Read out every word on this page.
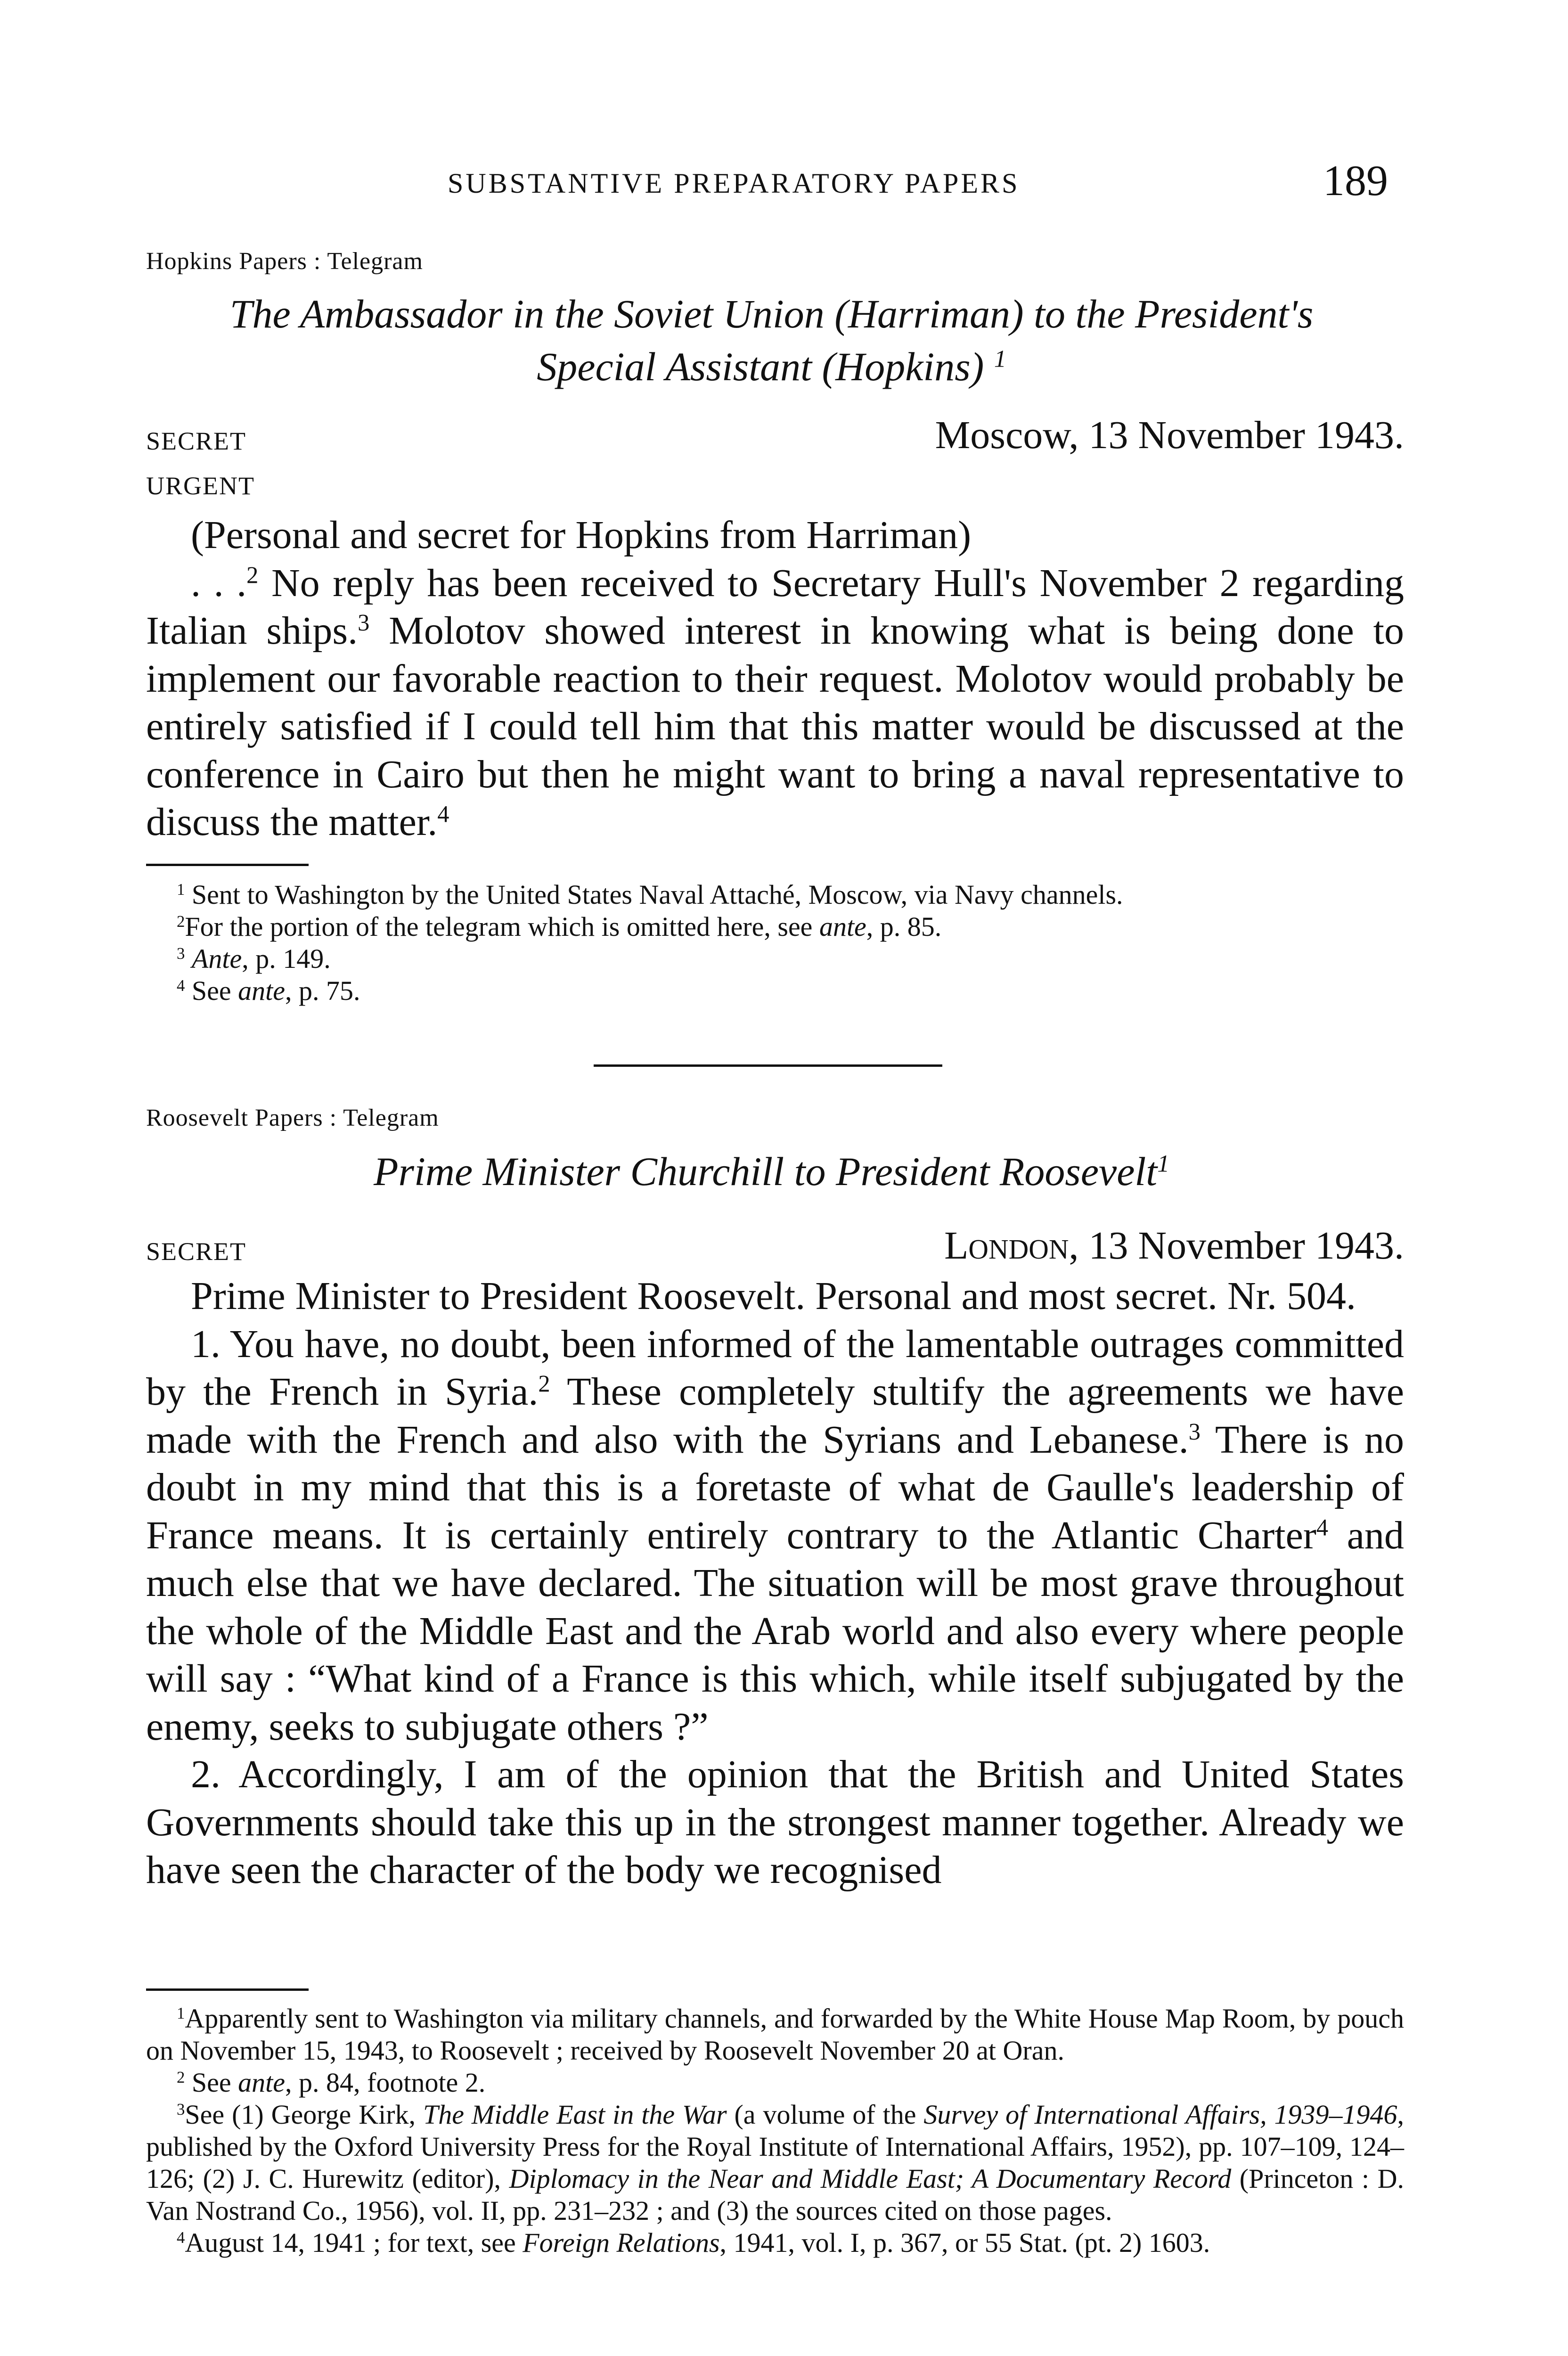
SUBSTANTIVE PREPARATORY PAPERS	189
Hopkins Papers : Telegram
The Ambassador in the Soviet Union (Harriman) to the President's
Special Assistant (Hopkins) $^1$
SECRET
URGENT
Moscow, 13 November 1943.

(Personal and secret for Hopkins from Harriman)

. . .$^2$ No reply has been received to Secretary Hull's November 2 regarding Italian ships.$^3$ Molotov showed interest in knowing what is being done to implement our favorable reaction to their request. Molotov would probably be entirely satisfied if I could tell him that this matter would be discussed at the conference in Cairo but then he might want to bring a naval representative to discuss the matter.$^4$

$^1$ Sent to Washington by the United States Naval Attaché, Moscow, via Navy channels.

$^2$For the portion of the telegram which is omitted here, see ante, p. 85.

$^3$ Ante, p. 149.

$^4$ See ante, p. 75.

Roosevelt Papers : Telegram
Prime Minister Churchill to President Roosevelt$^1$
SECRET	London, 13 November 1943.

Prime Minister to President Roosevelt. Personal and most secret. Nr. 504.

1. You have, no doubt, been informed of the lamentable outrages committed by the French in Syria.$^2$ These completely stultify the agreements we have made with the French and also with the Syrians and Lebanese.$^3$ There is no doubt in my mind that this is a foretaste of what de Gaulle's leadership of France means. It is certainly entirely contrary to the Atlantic Charter$^4$ and much else that we have declared. The situation will be most grave throughout the whole of the Middle East and the Arab world and also every where people will say : “What kind of a France is this which, while itself subjugated by the enemy, seeks to subjugate others ?”

2. Accordingly, I am of the opinion that the British and United States Governments should take this up in the strongest manner together. Already we have seen the character of the body we recognised

$^1$Apparently sent to Washington via military channels, and forwarded by the White House Map Room, by pouch on November 15, 1943, to Roosevelt ; received by Roosevelt November 20 at Oran.

$^2$ See ante, p. 84, footnote 2.

$^3$See (1) George Kirk, The Middle East in the War (a volume of the Survey of International Affairs, 1939–1946, published by the Oxford University Press for the Royal Institute of International Affairs, 1952), pp. 107–109, 124–126; (2) J. C. Hurewitz (editor), Diplomacy in the Near and Middle East; A Documentary Record (Princeton : D. Van Nostrand Co., 1956), vol. II, pp. 231–232 ; and (3) the sources cited on those pages.

$^4$August 14, 1941 ; for text, see Foreign Relations, 1941, vol. I, p. 367, or 55 Stat. (pt. 2) 1603.
